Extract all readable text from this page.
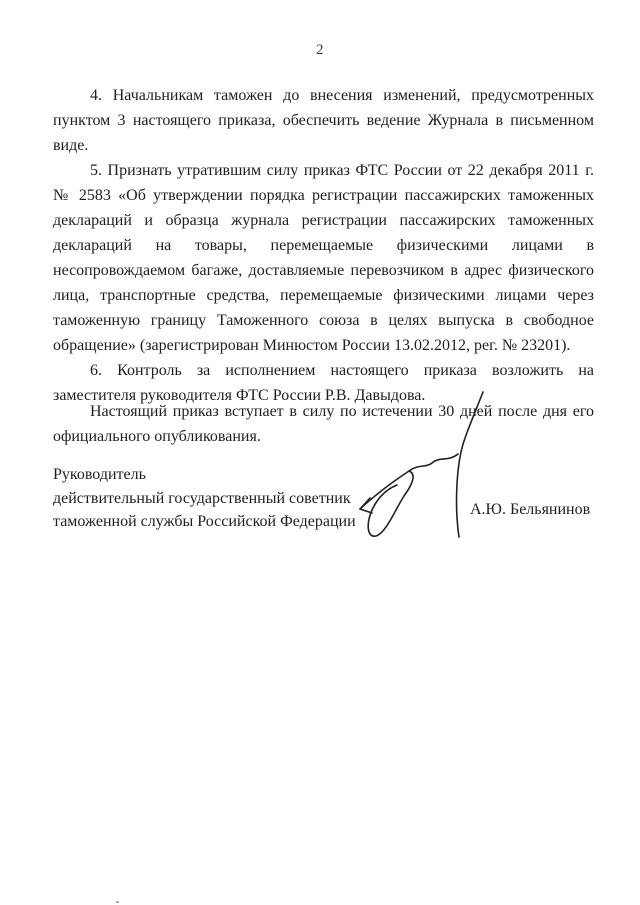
2

4. Начальникам таможен до внесения изменений, предусмотренных пунктом 3 настоящего приказа, обеспечить ведение Журнала в письменном виде.

5. Признать утратившим силу приказ ФТС России от 22 декабря 2011 г. № 2583 «Об утверждении порядка регистрации пассажирских таможенных деклараций и образца журнала регистрации пассажирских таможенных деклараций на товары, перемещаемые физическими лицами в несопровождаемом багаже, доставляемые перевозчиком в адрес физического лица, транспортные средства, перемещаемые физическими лицами через таможенную границу Таможенного союза в целях выпуска в свободное обращение» (зарегистрирован Минюстом России 13.02.2012, рег. № 23201).

6. Контроль за исполнением настоящего приказа возложить на заместителя руководителя ФТС России Р.В. Давыдова.

Настоящий приказ вступает в силу по истечении 30 дней после дня его официального опубликования.

Руководитель
действительный государственный советник
таможенной службы Российской Федерации
А.Ю. Бельянинов
